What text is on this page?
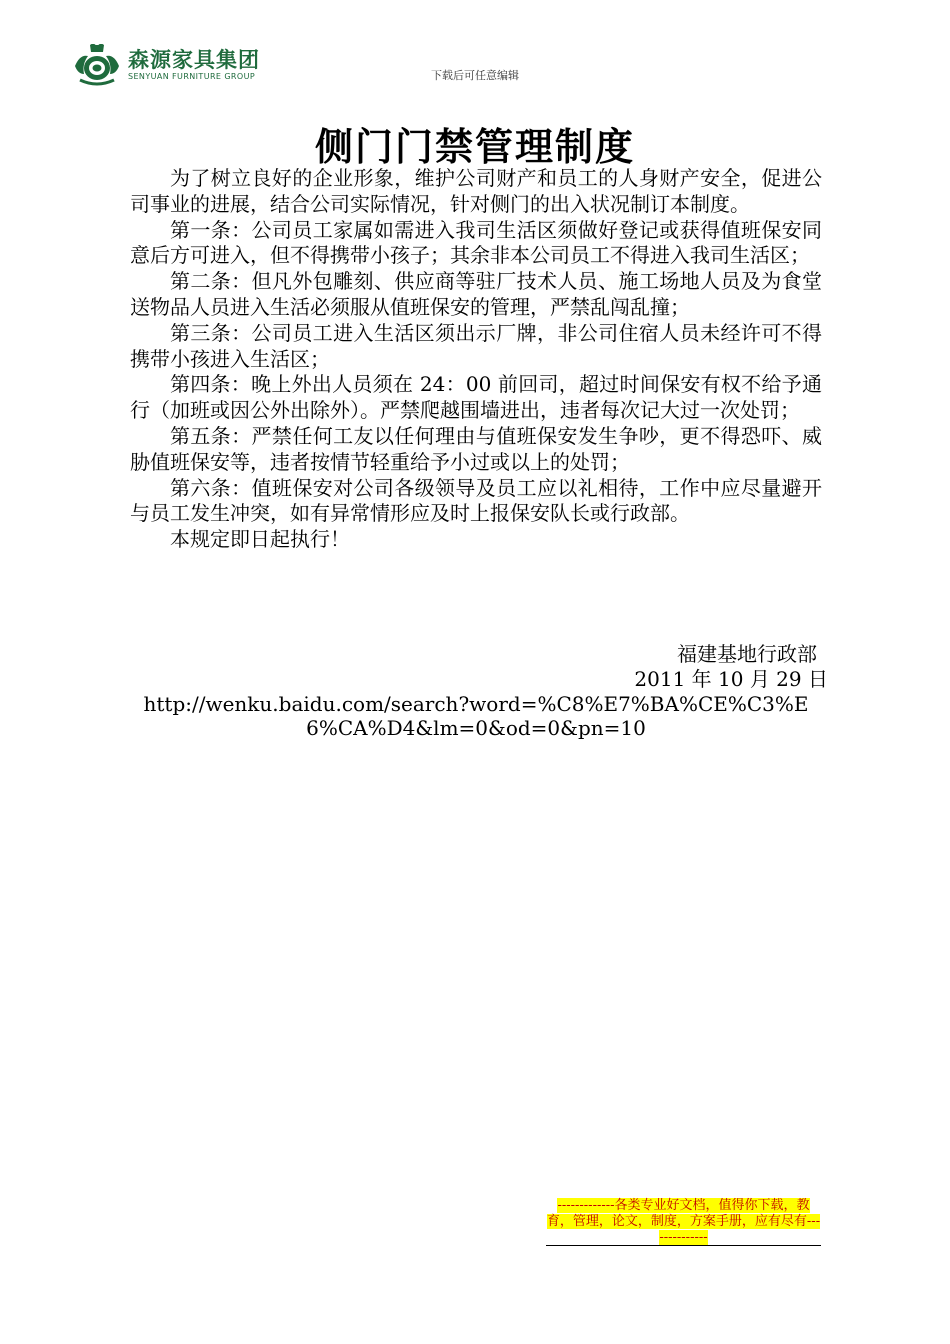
森源家具集团
SENYUAN FURNITURE GROUP	下载后可任意编辑
侧门门禁管理制度

为了树立良好的企业形象，维护公司财产和员工的人身财产安全，促进公司事业的进展，结合公司实际情况，针对侧门的出入状况制订本制度。

第一条：公司员工家属如需进入我司生活区须做好登记或获得值班保安同意后方可进入，但不得携带小孩子；其余非本公司员工不得进入我司生活区；

第二条：但凡外包雕刻、供应商等驻厂技术人员、施工场地人员及为食堂送物品人员进入生活必须服从值班保安的管理，严禁乱闯乱撞；

第三条：公司员工进入生活区须出示厂牌，非公司住宿人员未经许可不得携带小孩进入生活区；

第四条：晚上外出人员须在 24：00 前回司，超过时间保安有权不给予通行（加班或因公外出除外）。严禁爬越围墙进出，违者每次记大过一次处罚；

第五条：严禁任何工友以任何理由与值班保安发生争吵，更不得恐吓、威胁值班保安等，违者按情节轻重给予小过或以上的处罚；

第六条：值班保安对公司各级领导及员工应以礼相待，工作中应尽量避开与员工发生冲突，如有异常情形应及时上报保安队长或行政部。

本规定即日起执行！

福建基地行政部
2011 年 10 月 29 日
http://wenku.baidu.com/search?word=%C8%E7%BA%CE%C3%E6%CA%D4&lm=0&od=0&pn=10
-------------各类专业好文档，值得你下载，教育，管理，论文，制度，方案手册，应有尽有--------------
